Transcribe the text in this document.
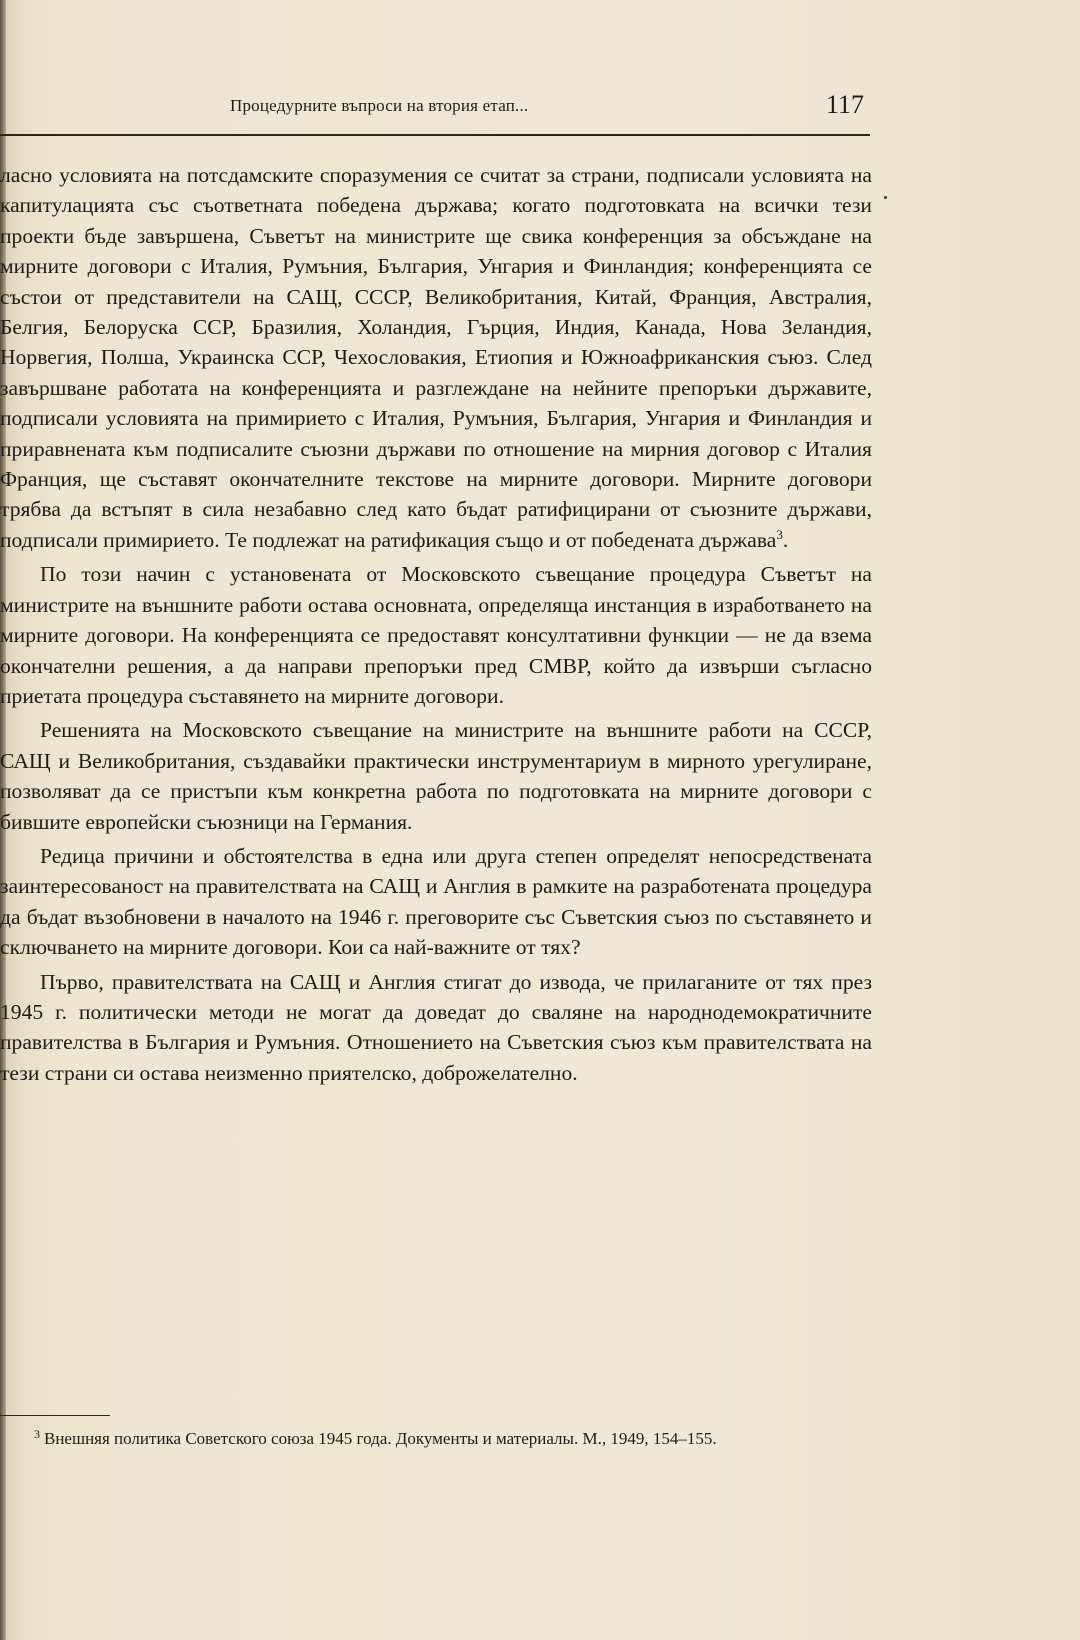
Процедурните въпроси на втория етап...	117

ласно условията на потсдамските споразумения се считат за страни, подписали условията на капитулацията със съответната победена държава; когато подготовката на всички тези проекти бъде завършена, Съветът на министрите ще свика конференция за обсъждане на мирните договори с Италия, Румъния, България, Унгария и Финландия; конференцията се състои от представители на САЩ, СССР, Великобритания, Китай, Франция, Австралия, Белгия, Белоруска ССР, Бразилия, Холандия, Гърция, Индия, Канада, Нова Зеландия, Норвегия, Полша, Украинска ССР, Чехословакия, Етиопия и Южноафриканския съюз. След завършване работата на конференцията и разглеждане на нейните препоръки държавите, подписали условията на примирието с Италия, Румъния, България, Унгария и Финландия и приравнената към подписалите съюзни държави по отношение на мирния договор с Италия Франция, ще съставят окончателните текстове на мирните договори. Мирните договори трябва да встъпят в сила незабавно след като бъдат ратифицирани от съюзните държави, подписали примирието. Те подлежат на ратификация също и от победената държава$^3$.

По този начин с установената от Московското съвещание процедура Съветът на министрите на външните работи остава основната, определяща инстанция в изработването на мирните договори. На конференцията се предоставят консултативни функции — не да взема окончателни решения, а да направи препоръки пред СМВР, който да извърши съгласно приетата процедура съставянето на мирните договори.

Решенията на Московското съвещание на министрите на външните работи на СССР, САЩ и Великобритания, създавайки практически инструментариум в мирното урегулиране, позволяват да се пристъпи към конкретна работа по подготовката на мирните договори с бившите европейски съюзници на Германия.

Редица причини и обстоятелства в една или друга степен определят непосредствената заинтересованост на правителствата на САЩ и Англия в рамките на разработената процедура да бъдат възобновени в началото на 1946 г. преговорите със Съветския съюз по съставянето и сключването на мирните договори. Кои са най-важните от тях?

Първо, правителствата на САЩ и Англия стигат до извода, че прилаганите от тях през 1945 г. политически методи не могат да доведат до сваляне на народнодемократичните правителства в България и Румъния. Отношението на Съветския съюз към правителствата на тези страни си остава неизменно приятелско, доброжелателно.

$^3$ Внешняя политика Советского союза 1945 года. Документы и материалы. М., 1949, 154–155.
